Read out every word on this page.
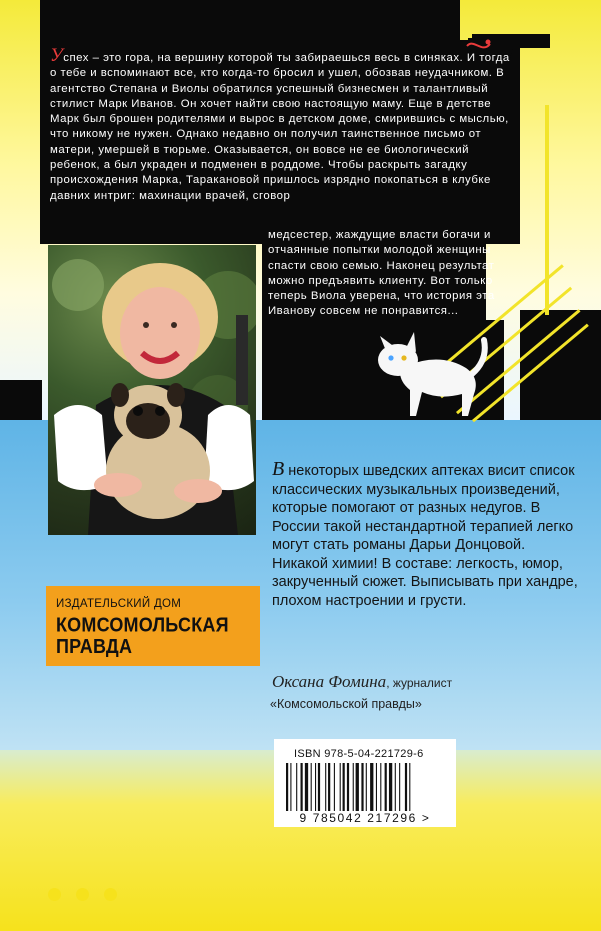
Успех – это гора, на вершину которой ты забираешься весь в синяках. И тогда о тебе и вспоминают все, кто когда-то бросил и ушел, обозвав неудачником. В агентство Степана и Виолы обратился успешный бизнесмен и талантливый стилист Марк Иванов. Он хочет найти свою настоящую маму. Еще в детстве Марк был брошен родителями и вырос в детском доме, смирившись с мыслью, что никому не нужен. Однако недавно он получил таинственное письмо от матери, умершей в тюрьме. Оказывается, он вовсе не ее биологический ребенок, а был украден и подменен в роддоме. Чтобы раскрыть загадку происхождения Марка, Таракановой пришлось изрядно покопаться в клубке давних интриг: махинации врачей, сговор
медсестер, жаждущие власти богачи и отчаянные попытки молодой женщины спасти свою семью. Наконец результат можно предъявить клиенту. Вот только теперь Виола уверена, что история эта Иванову совсем не понравится...
В некоторых шведских аптеках висит список классических музыкальных произведений, которые помогают от разных недугов. В России такой нестандартной терапией легко могут стать романы Дарьи Донцовой. Никакой химии! В составе: легкость, юмор, закрученный сюжет. Выписывать при хандре, плохом настроении и грусти.
Оксана Фомина, журналист
«Комсомольской правды»
ИЗДАТЕЛЬСКИЙ ДОМ
КОМСОМОЛЬСКАЯ ПРАВДА
ISBN 978-5-04-221729-6
9 785042 217296 >
